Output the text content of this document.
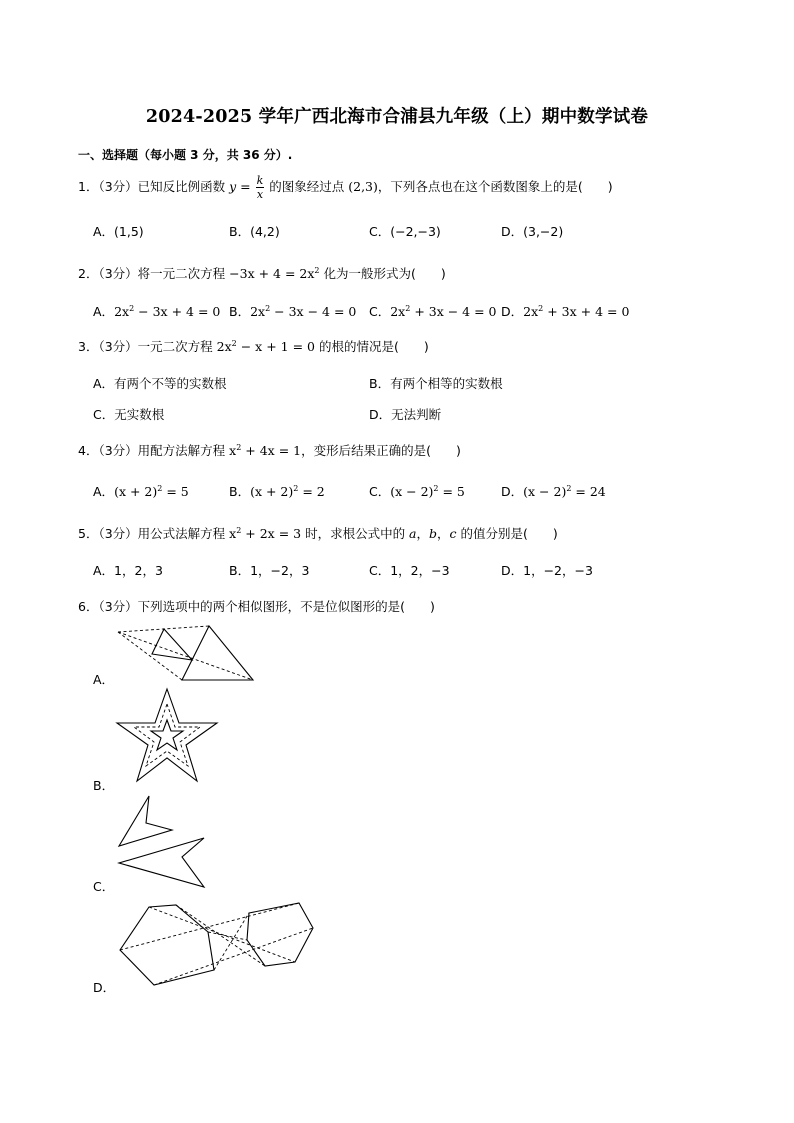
2024-2025 学年广西北海市合浦县九年级（上）期中数学试卷
一、选择题（每小题 3 分，共 36 分）.
1．（3分）已知反比例函数 $y = \frac{k}{x}$ 的图象经过点 (2,3)，下列各点也在这个函数图象上的是(　　)
A．(1,5)	B．(4,2)	C．(−2,−3)	D．(3,−2)
2．（3分）将一元二次方程 $-3x + 4 = 2x^2$ 化为一般形式为(　　)
A．$2x^2 - 3x + 4 = 0$ B．$2x^2 - 3x - 4 = 0$ C．$2x^2 + 3x - 4 = 0$ D．$2x^2 + 3x + 4 = 0$
3．（3分）一元二次方程 $2x^2 - x + 1 = 0$ 的根的情况是(　　)
A．有两个不等的实数根	B．有两个相等的实数根
C．无实数根	D．无法判断
4．（3分）用配方法解方程 $x^2 + 4x = 1$，变形后结果正确的是(　　)
A．$(x + 2)^2 = 5$	B．$(x + 2)^2 = 2$	C．$(x - 2)^2 = 5$	D．$(x - 2)^2 = 24$
5．（3分）用公式法解方程 $x^2 + 2x = 3$ 时，求根公式中的 a，b，c 的值分别是(　　)
A．1，2，3	B．1，−2，3	C．1，2，−3	D．1，−2，−3
6．（3分）下列选项中的两个相似图形，不是位似图形的是(　　)
A．
B．
C．
D．
